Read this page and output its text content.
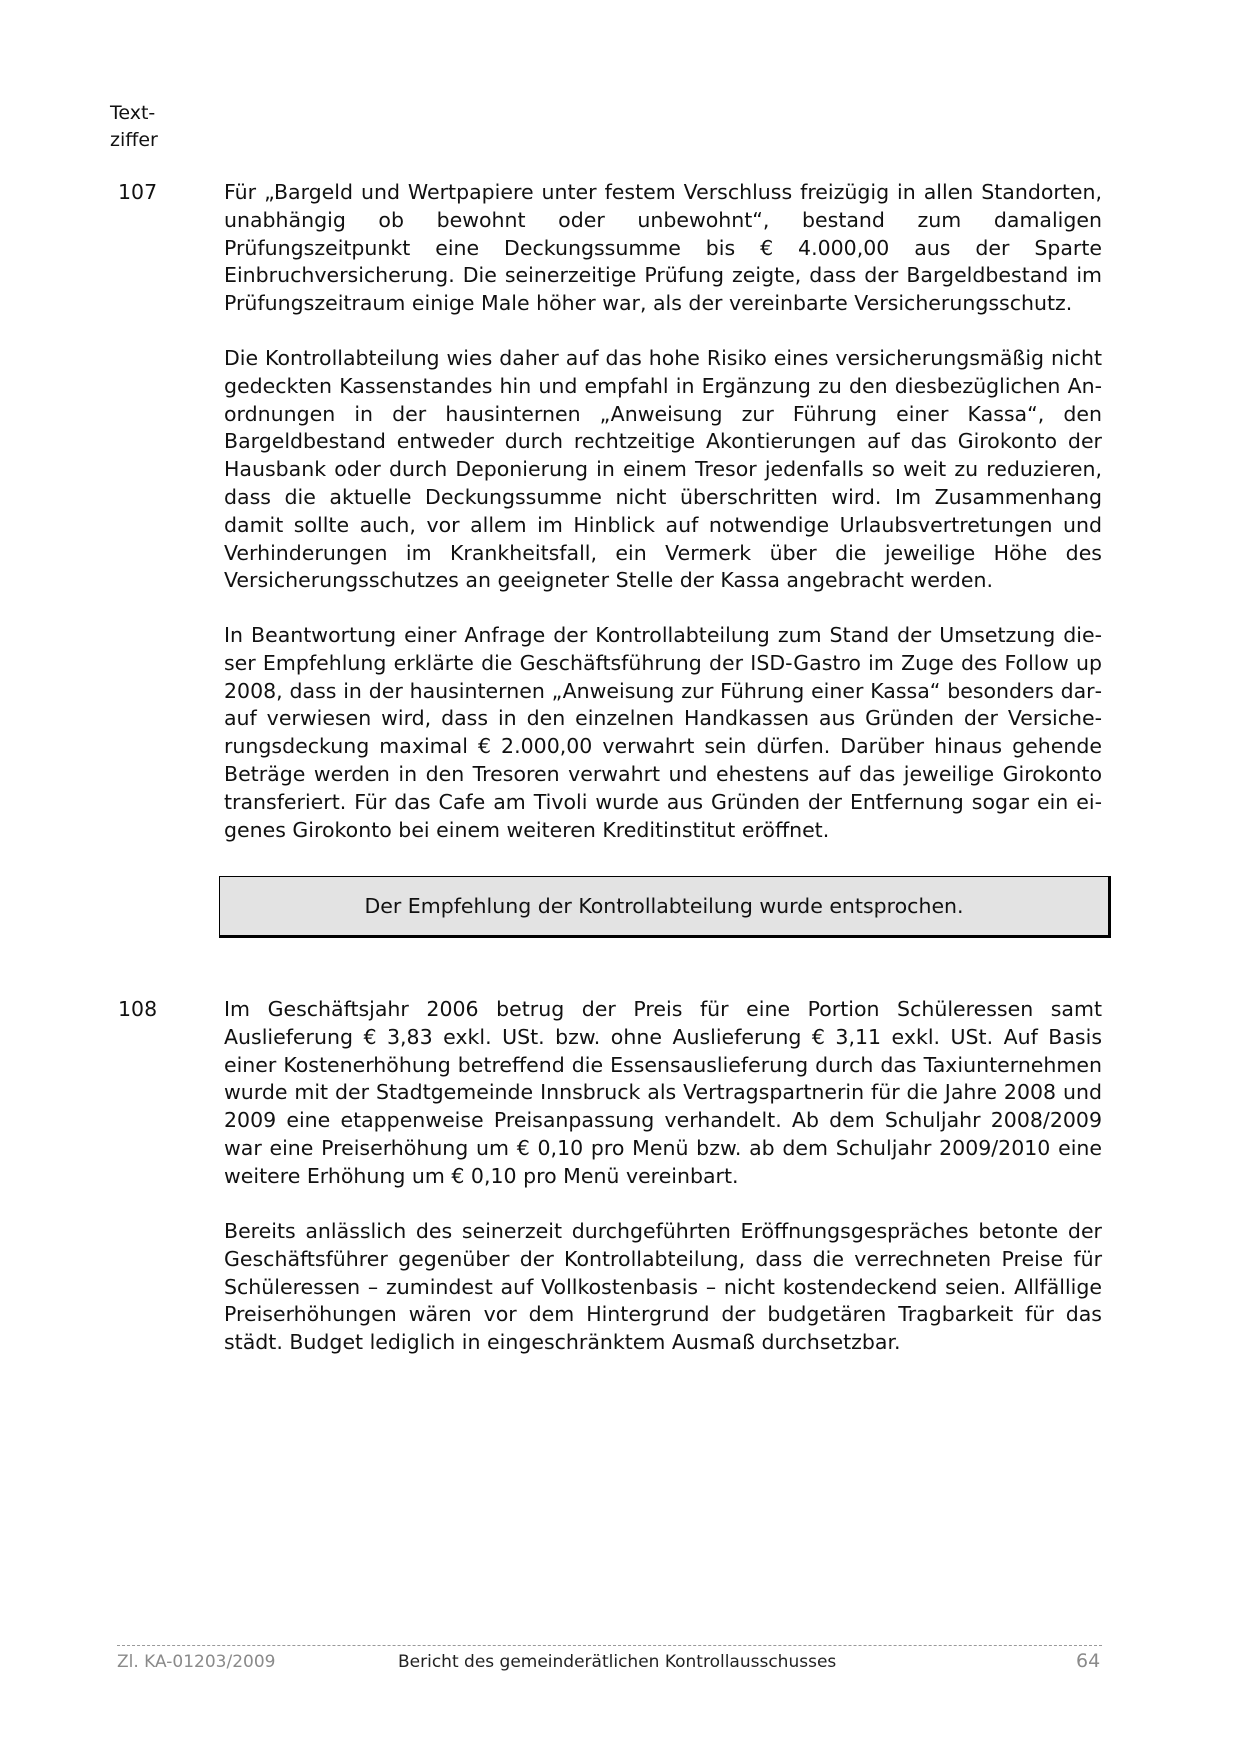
Text-
ziffer
107	Für „Bargeld und Wertpapiere unter festem Verschluss freizügig in allen Standorten, unabhängig ob bewohnt oder unbewohnt“, bestand zum damaligen Prüfungszeitpunkt eine Deckungssumme bis € 4.000,00 aus der Sparte Einbruchversicherung. Die seinerzeitige Prüfung zeigte, dass der Bargeldbestand im Prüfungszeitraum einige Male höher war, als der vereinbarte Versicherungsschutz.
Die Kontrollabteilung wies daher auf das hohe Risiko eines versicherungsmäßig nicht gedeckten Kassenstandes hin und empfahl in Ergänzung zu den diesbezüglichen Anordnungen in der hausinternen „Anweisung zur Führung einer Kassa“, den Bargeldbestand entweder durch rechtzeitige Akontierungen auf das Girokonto der Hausbank oder durch Deponierung in einem Tresor jedenfalls so weit zu reduzieren, dass die aktuelle Deckungssumme nicht überschritten wird. Im Zusammenhang damit sollte auch, vor allem im Hinblick auf notwendige Urlaubsvertretungen und Verhinderungen im Krankheitsfall, ein Vermerk über die jeweilige Höhe des Versicherungsschutzes an geeigneter Stelle der Kassa angebracht werden.
In Beantwortung einer Anfrage der Kontrollabteilung zum Stand der Umsetzung dieser Empfehlung erklärte die Geschäftsführung der ISD-Gastro im Zuge des Follow up 2008, dass in der hausinternen „Anweisung zur Führung einer Kassa“ besonders darauf verwiesen wird, dass in den einzelnen Handkassen aus Gründen der Versicherungsdeckung maximal € 2.000,00 verwahrt sein dürfen. Darüber hinaus gehende Beträge werden in den Tresoren verwahrt und ehestens auf das jeweilige Girokonto transferiert. Für das Cafe am Tivoli wurde aus Gründen der Entfernung sogar ein eigenes Girokonto bei einem weiteren Kreditinstitut eröffnet.
Der Empfehlung der Kontrollabteilung wurde entsprochen.
108	Im Geschäftsjahr 2006 betrug der Preis für eine Portion Schüleressen samt Auslieferung € 3,83 exkl. USt. bzw. ohne Auslieferung € 3,11 exkl. USt. Auf Basis einer Kostenerhöhung betreffend die Essensauslieferung durch das Taxiunternehmen wurde mit der Stadtgemeinde Innsbruck als Vertragspartnerin für die Jahre 2008 und 2009 eine etappenweise Preisanpassung verhandelt. Ab dem Schuljahr 2008/2009 war eine Preiserhöhung um € 0,10 pro Menü bzw. ab dem Schuljahr 2009/2010 eine weitere Erhöhung um € 0,10 pro Menü vereinbart.
Bereits anlässlich des seinerzeit durchgeführten Eröffnungsgespräches betonte der Geschäftsführer gegenüber der Kontrollabteilung, dass die verrechneten Preise für Schüleressen – zumindest auf Vollkostenbasis – nicht kostendeckend seien. Allfällige Preiserhöhungen wären vor dem Hintergrund der budgetären Tragbarkeit für das städt. Budget lediglich in eingeschränktem Ausmaß durchsetzbar.
Zl. KA-01203/2009	Bericht des gemeinderätlichen Kontrollausschusses	64
